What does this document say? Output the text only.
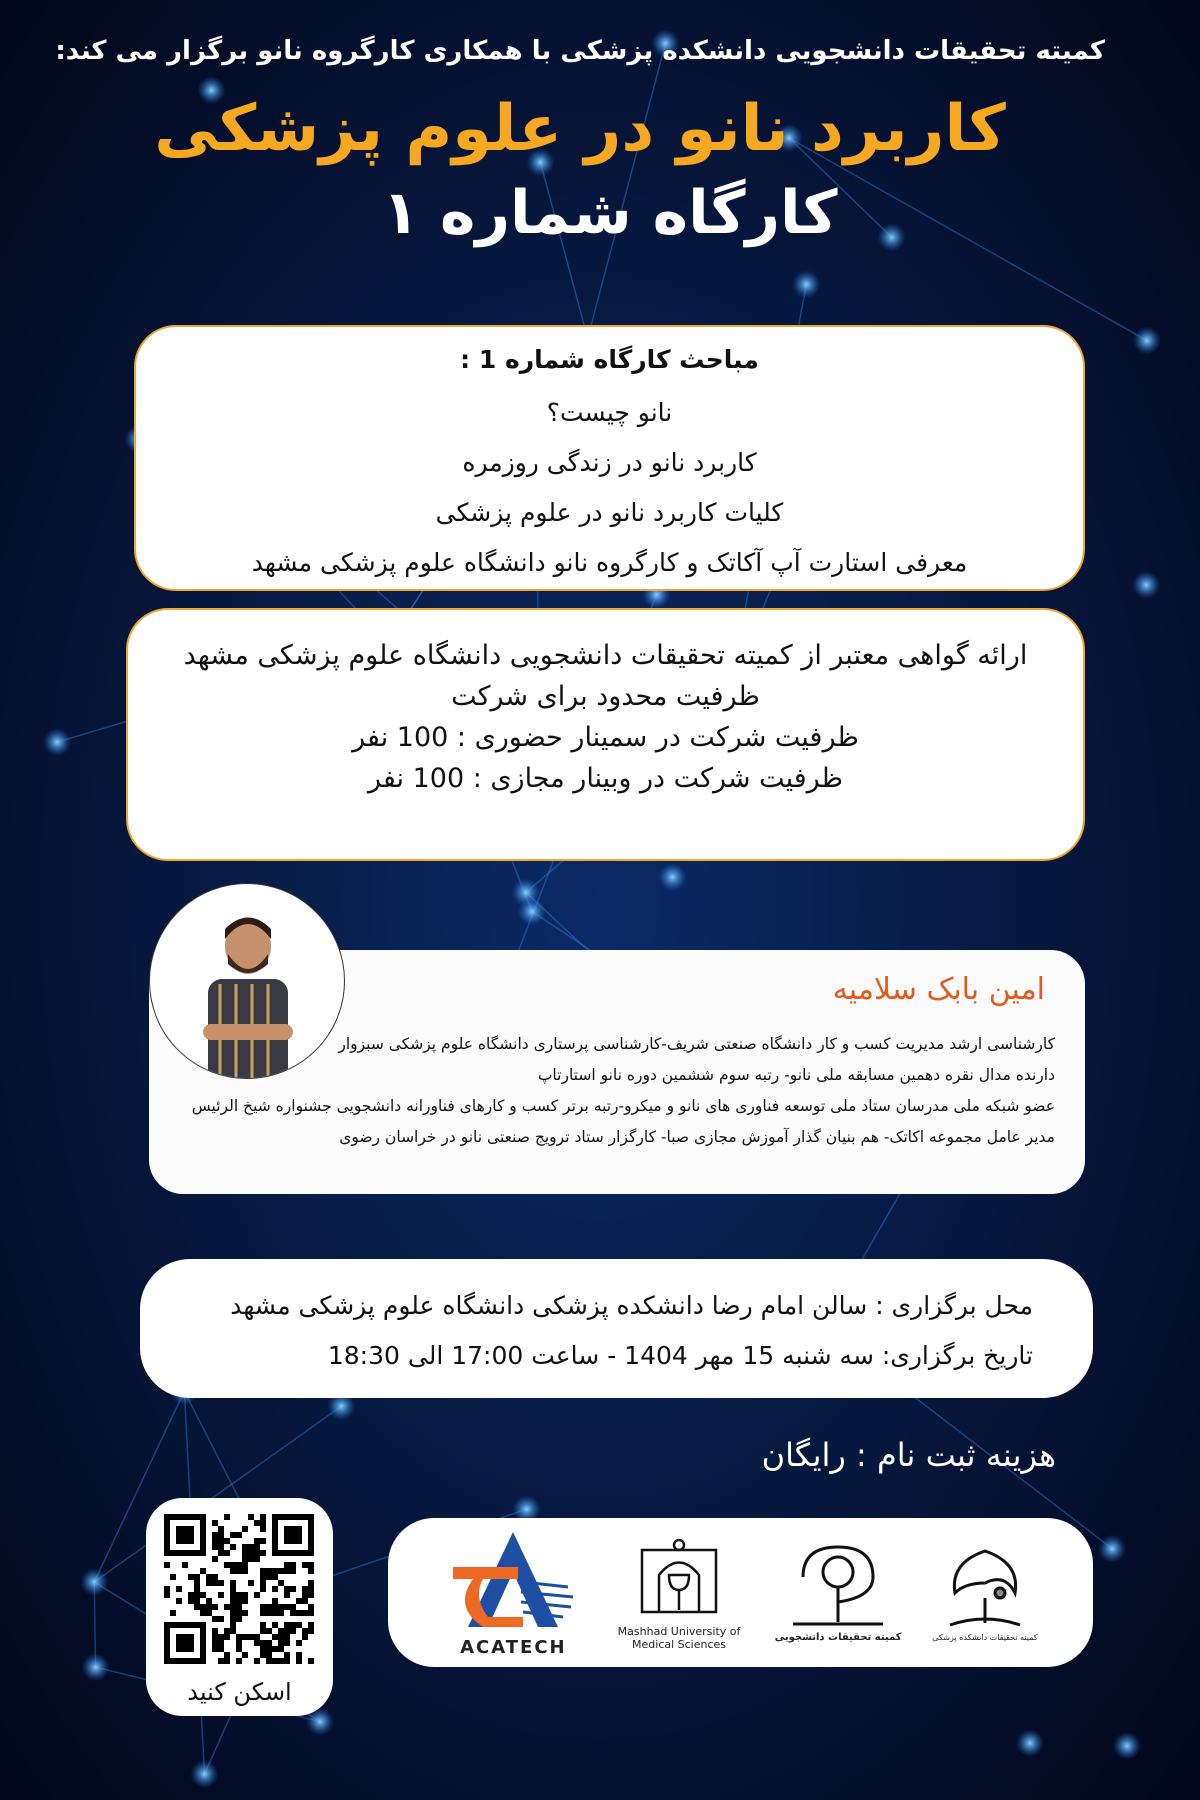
کمیته تحقیقات دانشجویی دانشکده پزشکی با همکاری کارگروه نانو برگزار می کند:
کاربرد نانو در علوم پزشکی
کارگاه شماره ۱
مباحث کارگاه شماره 1 :
نانو چیست؟
کاربرد نانو در زندگی روزمره
کلیات کاربرد نانو در علوم پزشکی
معرفی استارت آپ آکاتک و کارگروه نانو دانشگاه علوم پزشکی مشهد
ارائه گواهی معتبر از کمیته تحقیقات دانشجویی دانشگاه علوم پزشکی مشهد
ظرفیت محدود برای شرکت
ظرفیت شرکت در سمینار حضوری : 100 نفر
ظرفیت شرکت در وبینار مجازی : 100 نفر
امین بابک سلامیه
کارشناسی ارشد مدیریت کسب و کار دانشگاه صنعتی شریف-کارشناسی پرستاری دانشگاه علوم پزشکی سبزوار
دارنده مدال نقره دهمین مسابقه ملی نانو- رتبه سوم ششمین دوره نانو استارتاپ
عضو شبکه ملی مدرسان ستاد ملی توسعه فناوری های نانو و میکرو-رتبه برتر کسب و کارهای فناورانه دانشجویی جشنواره شیخ الرئیس
مدیر عامل مجموعه اکاتک- هم بنیان گذار آموزش مجازی صبا- کارگزار ستاد ترویج صنعتی نانو در خراسان رضوی
محل برگزاری : سالن امام رضا دانشکده پزشکی دانشگاه علوم پزشکی مشهد
تاریخ برگزاری: سه شنبه 15 مهر 1404 - ساعت 17:00 الی 18:30
هزینه ثبت نام : رایگان
اسکن کنید
ACATECH
Mashhad University of Medical Sciences	کمیته تحقیقات دانشجویی	کمیته تحقیقات دانشکده پزشکی
